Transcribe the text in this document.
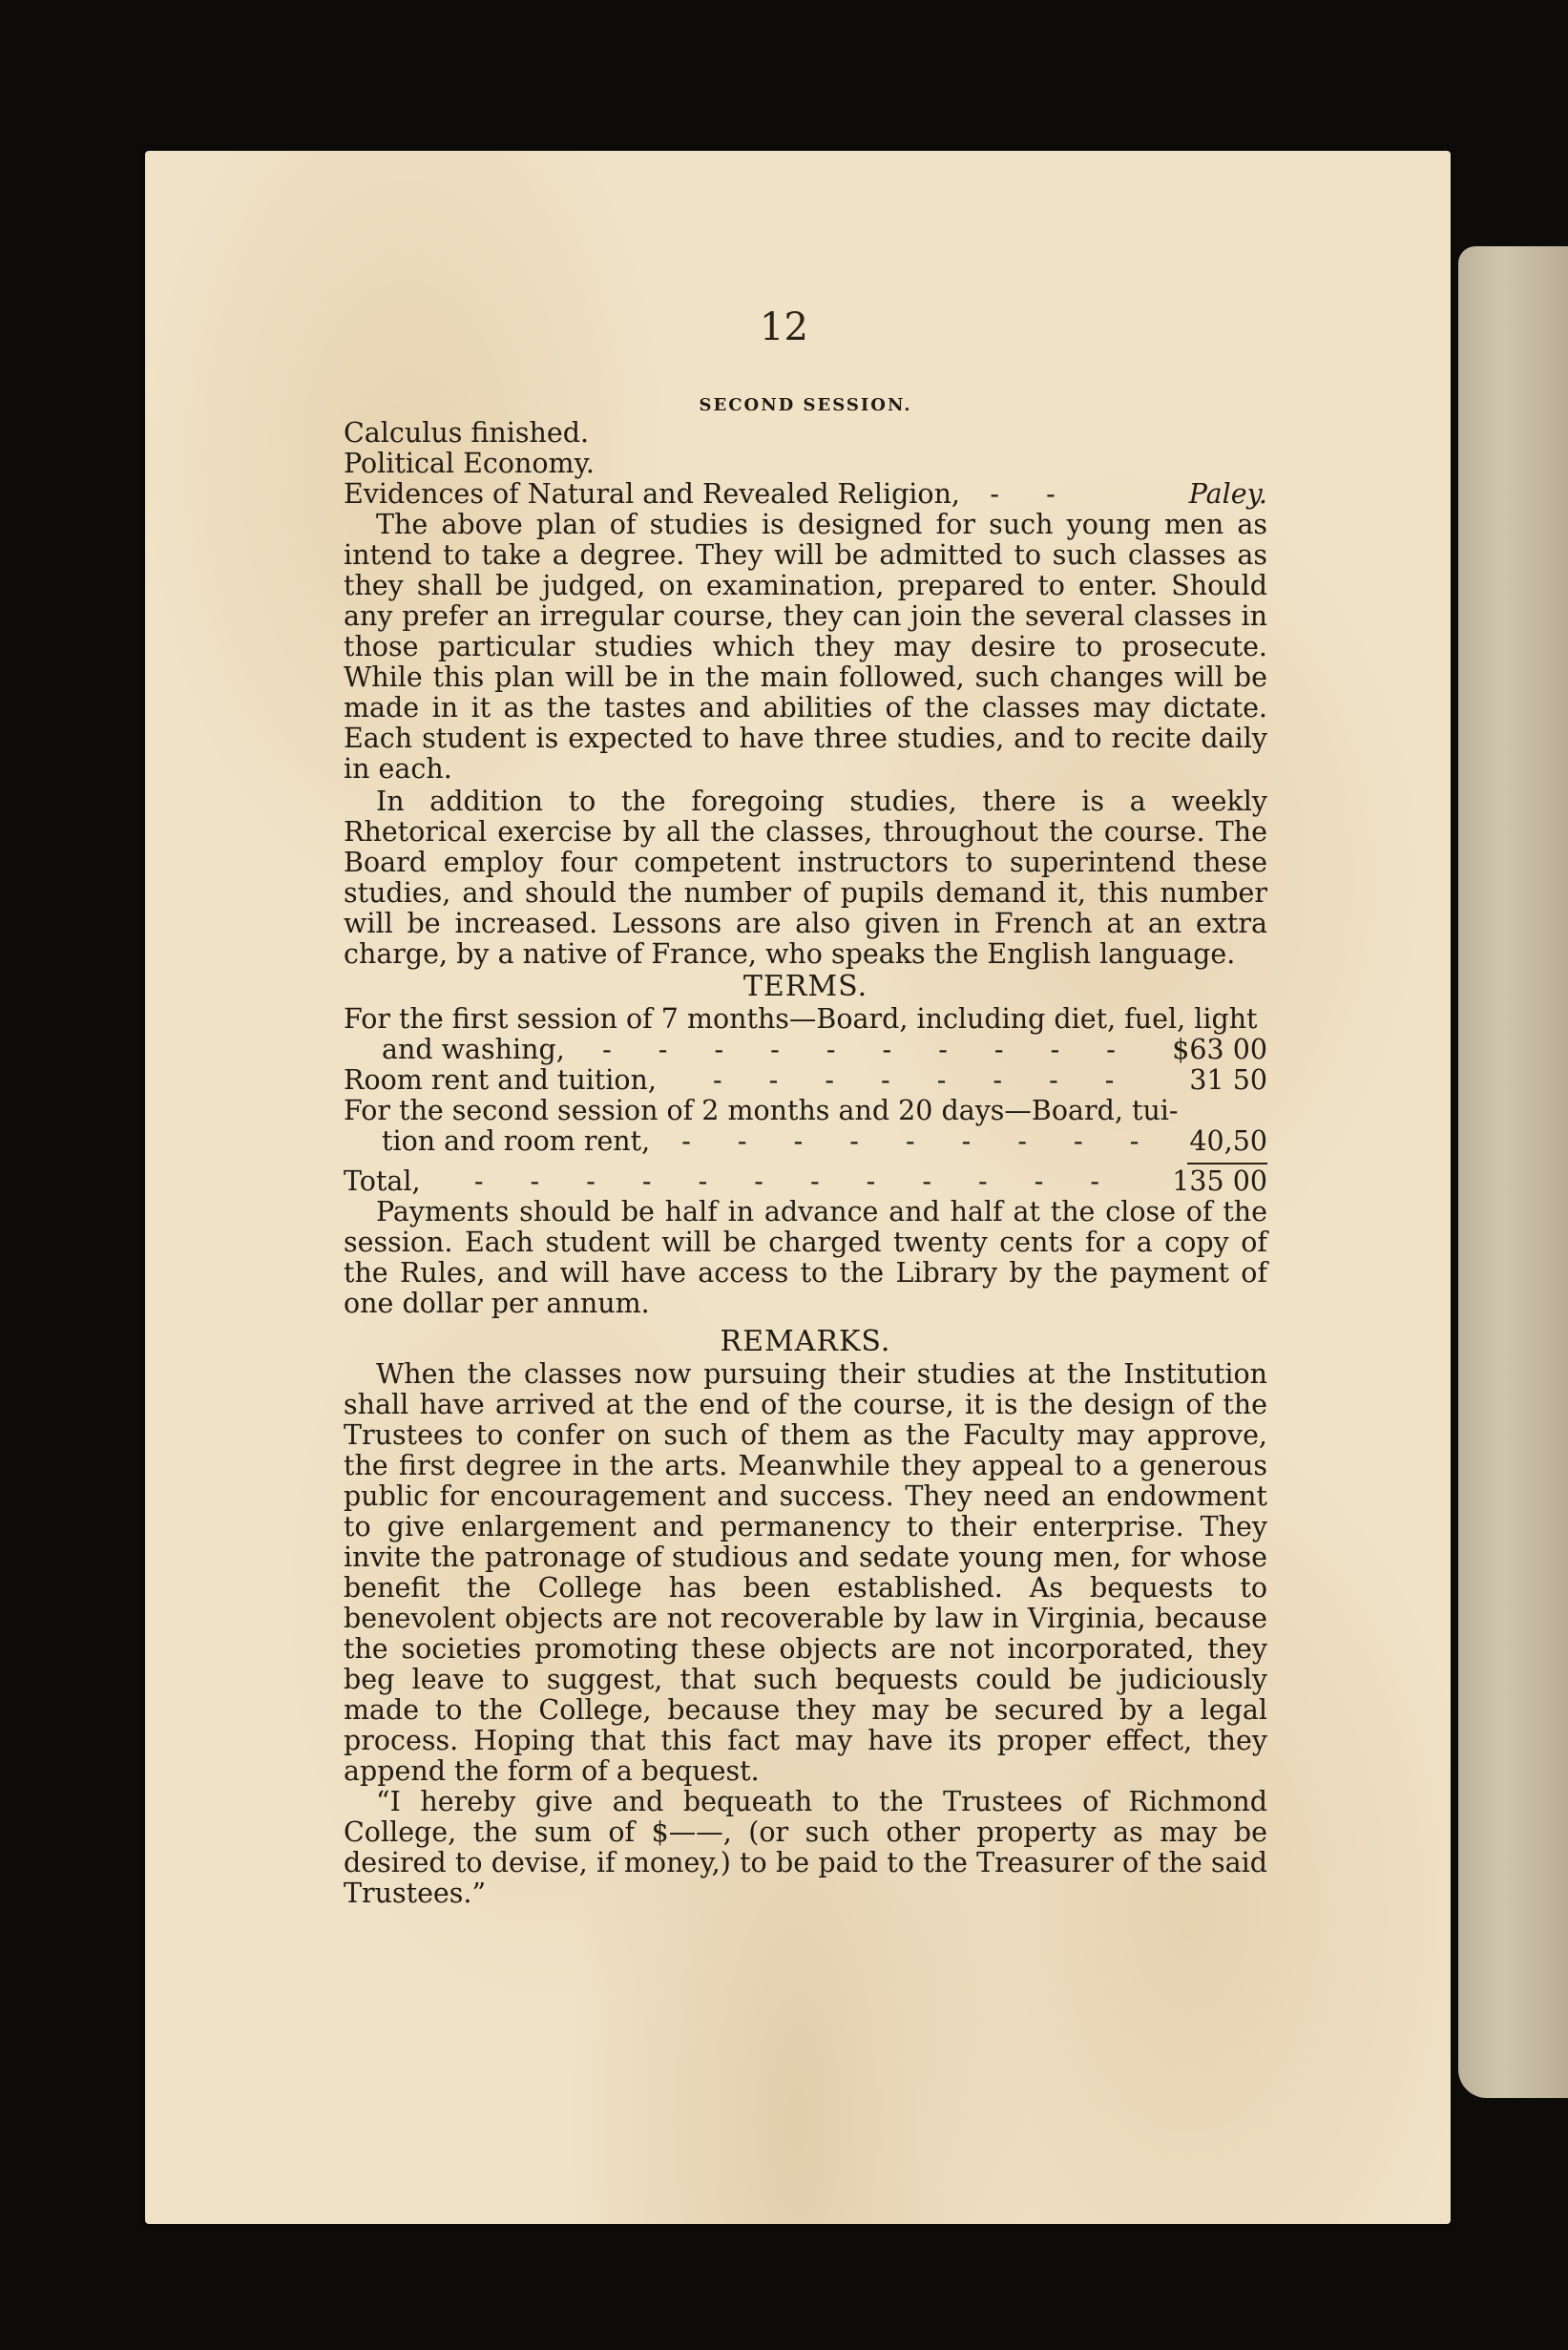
12
SECOND SESSION.
Calculus finished.
Political Economy.
Evidences of Natural and Revealed Religion, - -	Paley.

The above plan of studies is designed for such young men as intend to take a degree. They will be admitted to such classes as they shall be judged, on examination, prepared to enter. Should any prefer an irregular course, they can join the several classes in those particular studies which they may desire to prosecute. While this plan will be in the main followed, such changes will be made in it as the tastes and abilities of the classes may dictate. Each student is expected to have three studies, and to recite daily in each.

In addition to the foregoing studies, there is a weekly Rhetorical exercise by all the classes, throughout the course. The Board employ four competent instructors to superintend these studies, and should the number of pupils demand it, this number will be increased. Lessons are also given in French at an extra charge, by a native of France, who speaks the English language.

TERMS.
For the first session of 7 months—Board, including diet, fuel, light
and washing, - - - - - - - - - - $63 00
Room rent and tuition, - - - - - - - - 31 50
For the second session of 2 months and 20 days—Board, tui-
tion and room rent, - - - - - - - - - 40,50
Total, - - - - - - - - - - - - 135 00

Payments should be half in advance and half at the close of the session. Each student will be charged twenty cents for a copy of the Rules, and will have access to the Library by the payment of one dollar per annum.

REMARKS.

When the classes now pursuing their studies at the Institution shall have arrived at the end of the course, it is the design of the Trustees to confer on such of them as the Faculty may approve, the first degree in the arts. Meanwhile they appeal to a generous public for encouragement and success. They need an endowment to give enlargement and permanency to their enterprise. They invite the patronage of studious and sedate young men, for whose benefit the College has been established. As bequests to benevolent objects are not recoverable by law in Virginia, because the societies promoting these objects are not incorporated, they beg leave to suggest, that such bequests could be judiciously made to the College, because they may be secured by a legal process. Hoping that this fact may have its proper effect, they append the form of a bequest.

“I hereby give and bequeath to the Trustees of Richmond College, the sum of $——, (or such other property as may be desired to devise, if money,) to be paid to the Treasurer of the said Trustees.”
